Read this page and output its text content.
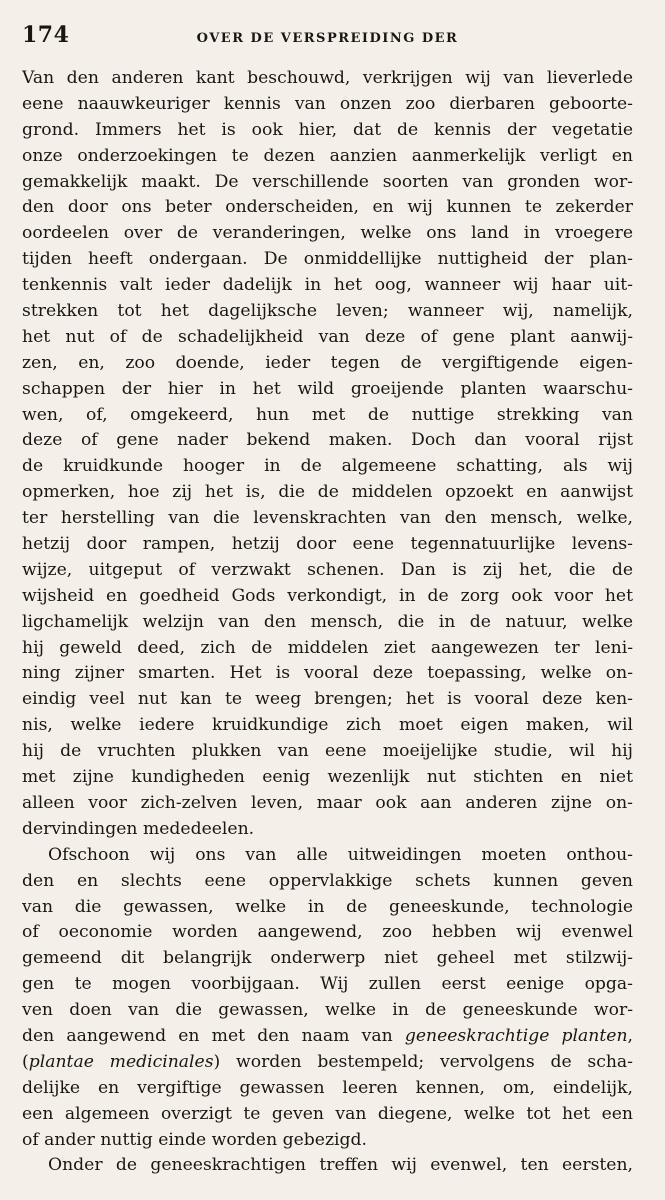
174	OVER DE VERSPREIDING DER
Van den anderen kant beschouwd, verkrijgen wij van lieverlede
eene naauwkeuriger kennis van onzen zoo dierbaren geboorte-
grond. Immers het is ook hier, dat de kennis der vegetatie
onze onderzoekingen te dezen aanzien aanmerkelijk verligt en
gemakkelijk maakt. De verschillende soorten van gronden wor-
den door ons beter onderscheiden, en wij kunnen te zekerder
oordeelen over de veranderingen, welke ons land in vroegere
tijden heeft ondergaan. De onmiddellijke nuttigheid der plan-
tenkennis valt ieder dadelijk in het oog, wanneer wij haar uit-
strekken tot het dagelijksche leven; wanneer wij, namelijk,
het nut of de schadelijkheid van deze of gene plant aanwij-
zen, en, zoo doende, ieder tegen de vergiftigende eigen-
schappen der hier in het wild groeijende planten waarschu-
wen, of, omgekeerd, hun met de nuttige strekking van
deze of gene nader bekend maken. Doch dan vooral rijst
de kruidkunde hooger in de algemeene schatting, als wij
opmerken, hoe zij het is, die de middelen opzoekt en aanwijst
ter herstelling van die levenskrachten van den mensch, welke,
hetzij door rampen, hetzij door eene tegennatuurlijke levens-
wijze, uitgeput of verzwakt schenen. Dan is zij het, die de
wijsheid en goedheid Gods verkondigt, in de zorg ook voor het
ligchamelijk welzijn van den mensch, die in de natuur, welke
hij geweld deed, zich de middelen ziet aangewezen ter leni-
ning zijner smarten. Het is vooral deze toepassing, welke on-
eindig veel nut kan te weeg brengen; het is vooral deze ken-
nis, welke iedere kruidkundige zich moet eigen maken, wil
hij de vruchten plukken van eene moeijelijke studie, wil hij
met zijne kundigheden eenig wezenlijk nut stichten en niet
alleen voor zich-zelven leven, maar ook aan anderen zijne on-
dervindingen mededeelen.
Ofschoon wij ons van alle uitweidingen moeten onthou-
den en slechts eene oppervlakkige schets kunnen geven
van die gewassen, welke in de geneeskunde, technologie
of oeconomie worden aangewend, zoo hebben wij evenwel
gemeend dit belangrijk onderwerp niet geheel met stilzwij-
gen te mogen voorbijgaan. Wij zullen eerst eenige opga-
ven doen van die gewassen, welke in de geneeskunde wor-
den aangewend en met den naam van geneeskrachtige planten,
(plantae medicinales) worden bestempeld; vervolgens de scha-
delijke en vergiftige gewassen leeren kennen, om, eindelijk,
een algemeen overzigt te geven van diegene, welke tot het een
of ander nuttig einde worden gebezigd.
Onder de geneeskrachtigen treffen wij evenwel, ten eersten,
